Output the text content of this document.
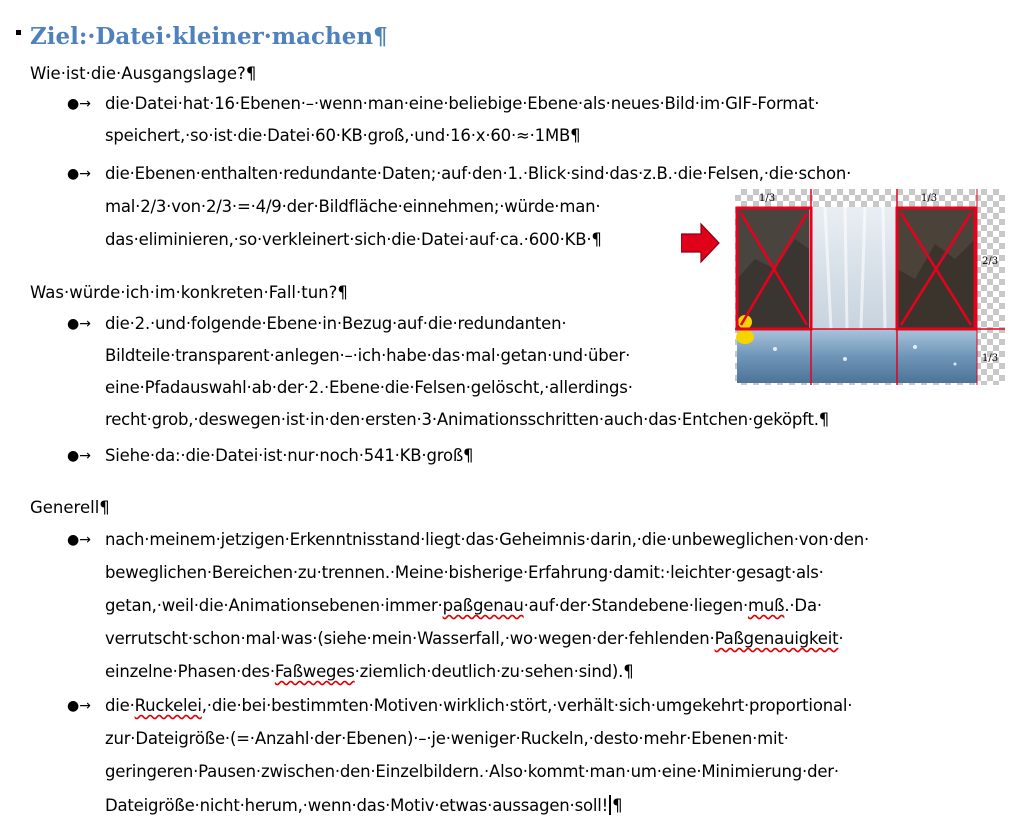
Ziel:·Datei·kleiner·machen¶
Wie·ist·die·Ausgangslage?¶
●→ die·Datei·hat·16·Ebenen·–·wenn·man·eine·beliebige·Ebene·als·neues·Bild·im·GIF-Format·
speichert,·so·ist·die·Datei·60·KB·groß,·und·16·x·60·≈·1MB¶
●→ die·Ebenen·enthalten·redundante·Daten;·auf·den·1.·Blick·sind·das·z.B.·die·Felsen,·die·schon·
mal·2/3·von·2/3·=·4/9·der·Bildfläche·einnehmen;·würde·man·
das·eliminieren,·so·verkleinert·sich·die·Datei·auf·ca.·600·KB·¶
Was·würde·ich·im·konkreten·Fall·tun?¶
●→ die·2.·und·folgende·Ebene·in·Bezug·auf·die·redundanten·
Bildteile·transparent·anlegen·–·ich·habe·das·mal·getan·und·über·
eine·Pfadauswahl·ab·der·2.·Ebene·die·Felsen·gelöscht,·allerdings·
recht·grob,·deswegen·ist·in·den·ersten·3·Animationsschritten·auch·das·Entchen·geköpft.¶
●→ Siehe·da:·die·Datei·ist·nur·noch·541·KB·groß¶
Generell¶
●→ nach·meinem·jetzigen·Erkenntnisstand·liegt·das·Geheimnis·darin,·die·unbeweglichen·von·den·
beweglichen·Bereichen·zu·trennen.·Meine·bisherige·Erfahrung·damit:·leichter·gesagt·als·
getan,·weil·die·Animationsebenen·immer·paßgenau·auf·der·Standebene·liegen·muß.·Da·
verrutscht·schon·mal·was·(siehe·mein·Wasserfall,·wo·wegen·der·fehlenden·Paßgenauigkeit·
einzelne·Phasen·des·Faßweges·ziemlich·deutlich·zu·sehen·sind).¶
●→ die·Ruckelei,·die·bei·bestimmten·Motiven·wirklich·stört,·verhält·sich·umgekehrt·proportional·
zur·Dateigröße·(=·Anzahl·der·Ebenen)·–·je·weniger·Ruckeln,·desto·mehr·Ebenen·mit·
geringeren·Pausen·zwischen·den·Einzelbildern.·Also·kommt·man·um·eine·Minimierung·der·
Dateigröße·nicht·herum,·wenn·das·Motiv·etwas·aussagen·soll! ¶
1/3	1/3
2/3
1/3
